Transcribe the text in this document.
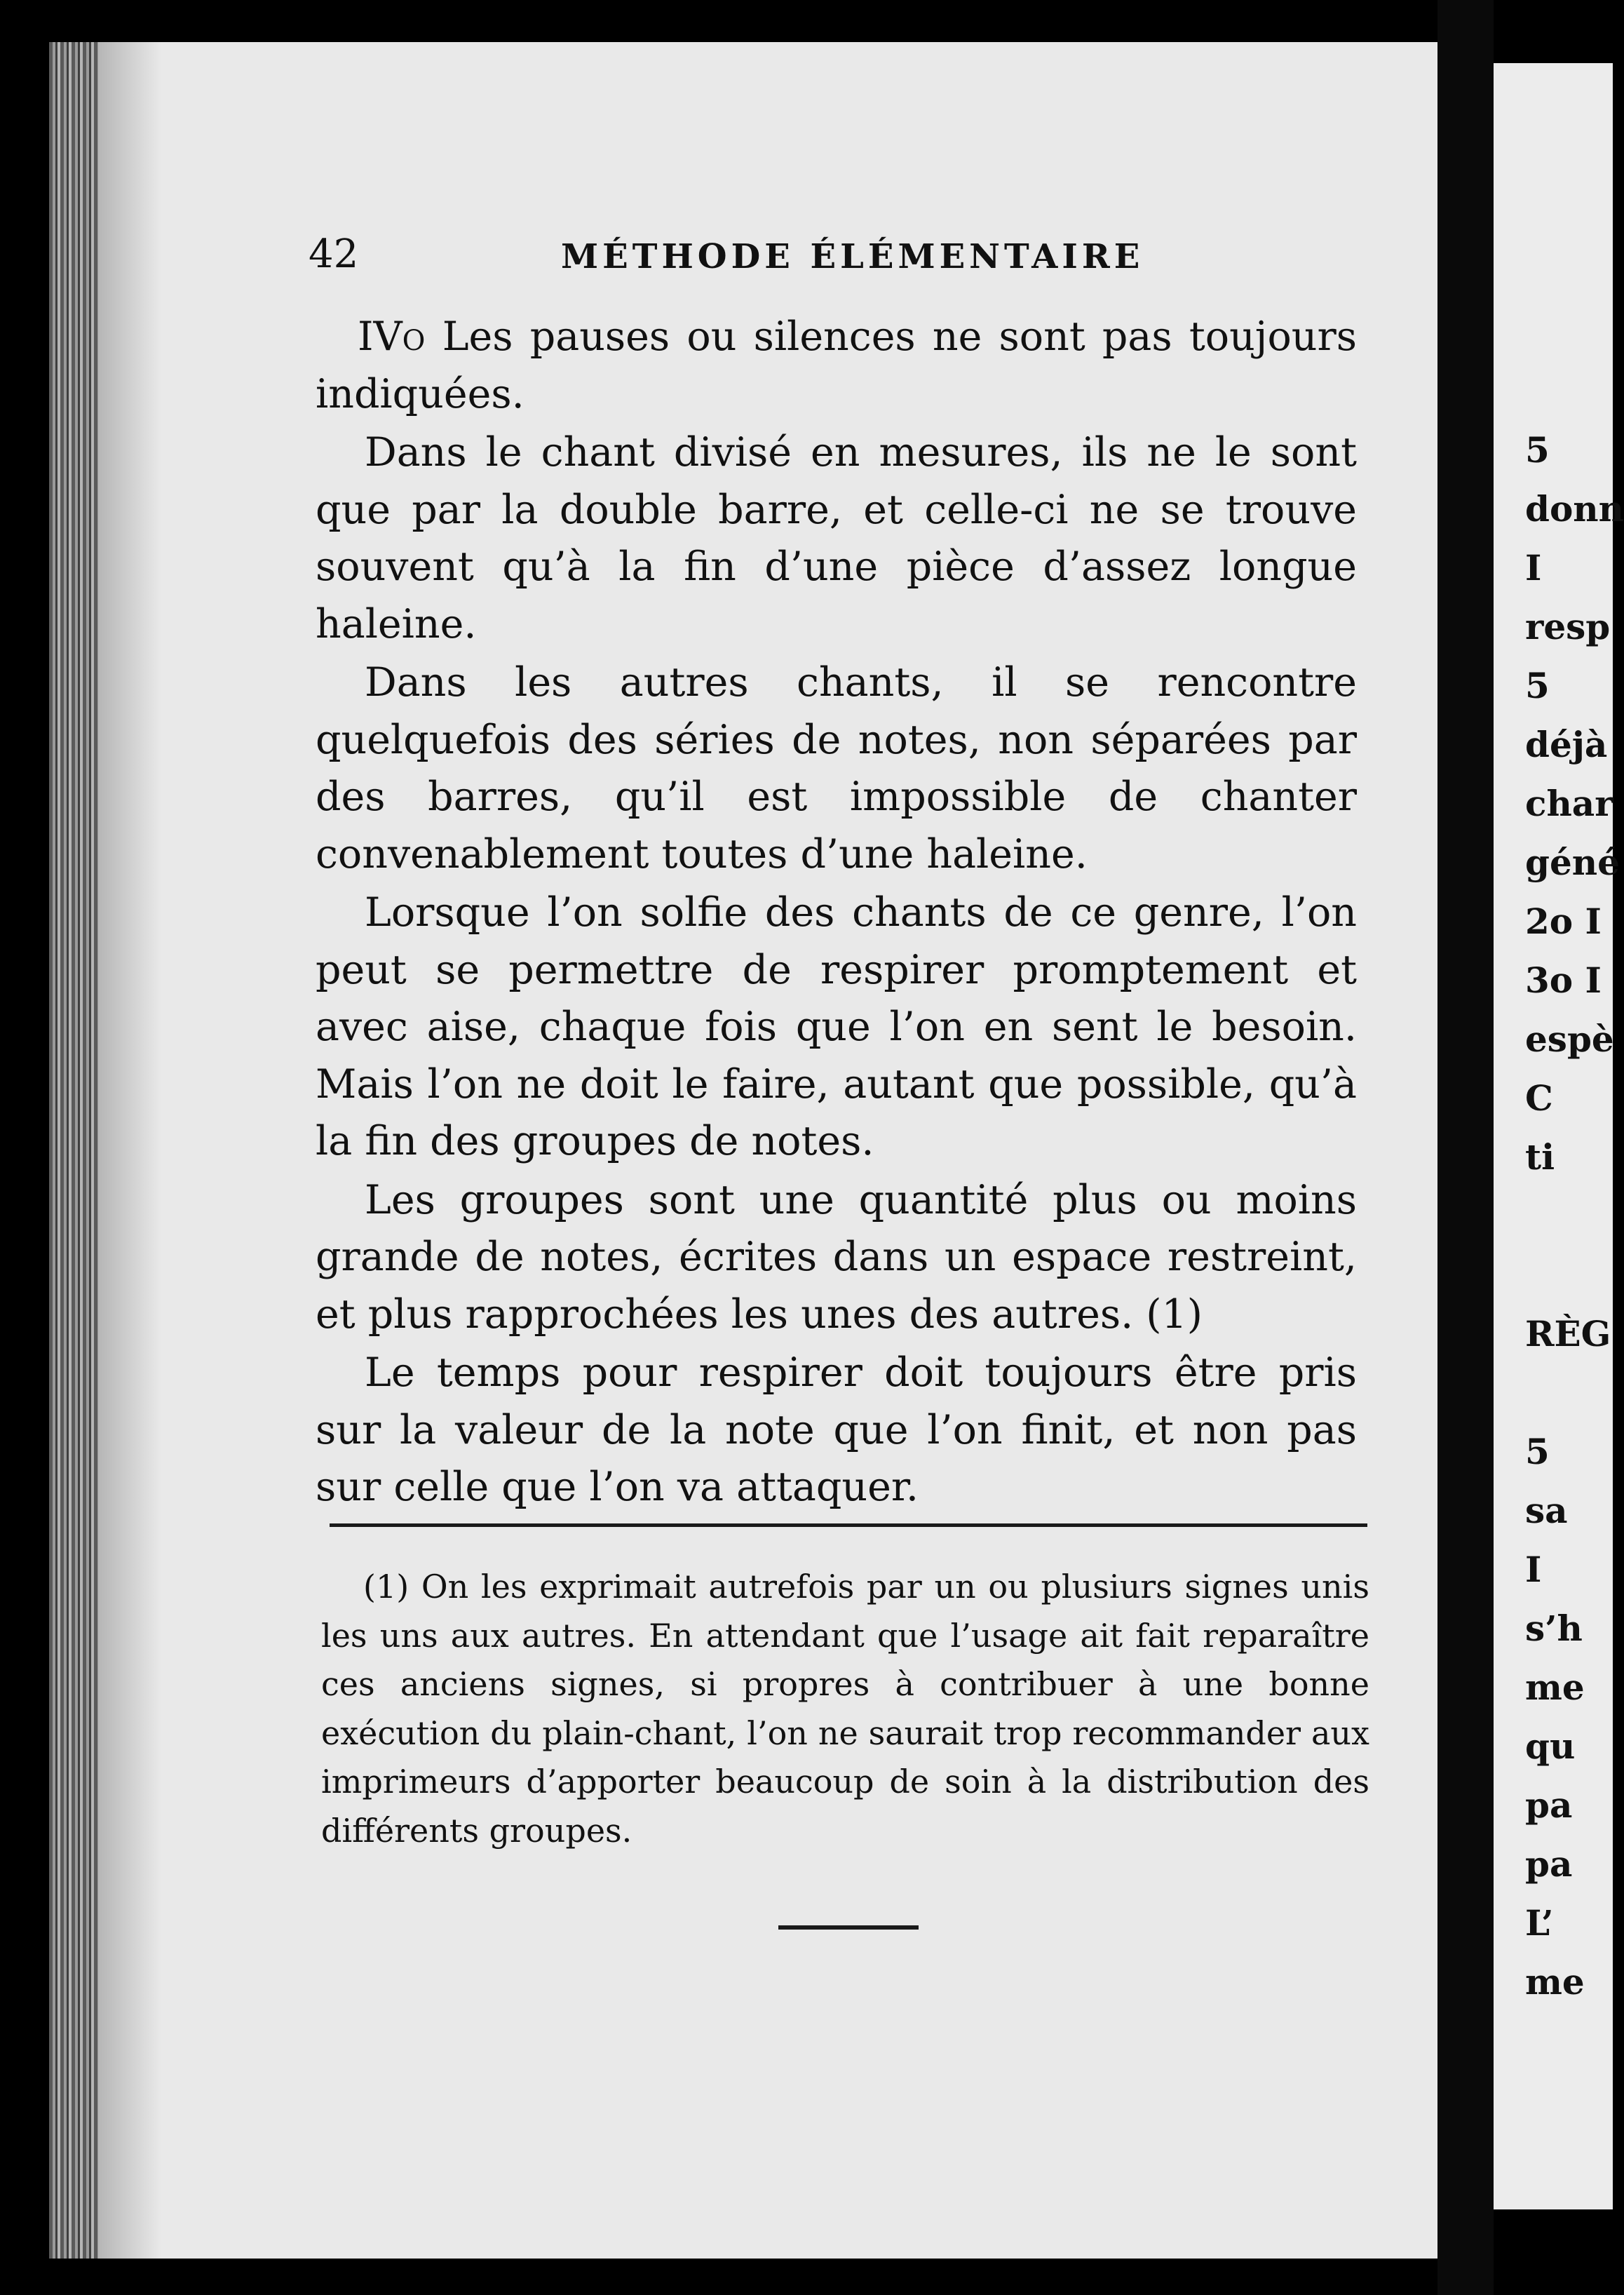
42	MÉTHODE ÉLÉMENTAIRE

IVo Les pauses ou silences ne sont pas toujours indiquées.

Dans le chant divisé en mesures, ils ne le sont que par la double barre, et celle-ci ne se trouve souvent qu’à la fin d’une pièce d’assez longue haleine.

Dans les autres chants, il se rencontre quelquefois des séries de notes, non séparées par des barres, qu’il est impossible de chanter convenablement toutes d’une haleine.

Lorsque l’on solfie des chants de ce genre, l’on peut se permettre de respirer promptement et avec aise, chaque fois que l’on en sent le besoin. Mais l’on ne doit le faire, autant que possible, qu’à la fin des groupes de notes.

Les groupes sont une quantité plus ou moins grande de notes, écrites dans un espace restreint, et plus rapprochées les unes des autres. (1)

Le temps pour respirer doit toujours être pris sur la valeur de la note que l’on finit, et non pas sur celle que l’on va attaquer.

(1) On les exprimait autrefois par un ou plusiurs signes unis les uns aux autres. En attendant que l’usage ait fait reparaître ces anciens signes, si propres à contribuer à une bonne exécution du plain-chant, l’on ne saurait trop recommander aux imprimeurs d’apporter beaucoup de soin à la distribution des différents groupes.

5
donn
I
resp
5
déjà
char
géné
2o I
3o I
espè
C
ti

RÈG

5
sa
I
s’h
me
qu
pa
pa
L’
me
